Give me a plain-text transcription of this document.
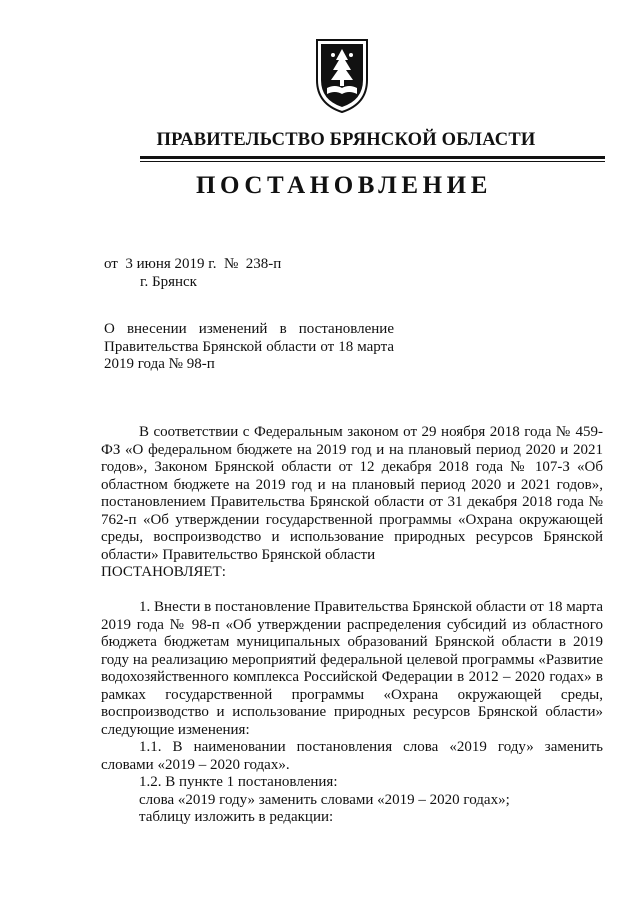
ПРАВИТЕЛЬСТВО БРЯНСКОЙ ОБЛАСТИ
ПОСТАНОВЛЕНИЕ
от  3 июня 2019 г.  №  238-п
г. Брянск
О внесении изменений в постановление Правительства Брянской области от 18 марта 2019 года № 98-п

В соответствии с Федеральным законом от 29 ноября 2018 года № 459-ФЗ «О федеральном бюджете на 2019 год и на плановый период 2020 и 2021 годов», Законом Брянской области от 12 декабря 2018 года № 107-З «Об областном бюджете на 2019 год и на плановый период 2020 и 2021 годов», постановлением Правительства Брянской области от 31 декабря 2018 года № 762-п «Об утверждении государственной программы «Охрана окружающей среды, воспроизводство и использование природных ресурсов Брянской области» Правительство Брянской области

ПОСТАНОВЛЯЕТ:

1. Внести в постановление Правительства Брянской области от 18 марта 2019 года № 98-п «Об утверждении распределения субсидий из областного бюджета бюджетам муниципальных образований Брянской области в 2019 году на реализацию мероприятий федеральной целевой программы «Развитие водохозяйственного комплекса Российской Федерации в 2012 – 2020 годах» в рамках государственной программы «Охрана окружающей среды, воспроизводство и использование природных ресурсов Брянской области» следующие изменения:

1.1. В наименовании постановления слова «2019 году» заменить словами «2019 – 2020 годах».

1.2. В пункте 1 постановления:

слова «2019 году» заменить словами «2019 – 2020 годах»;

таблицу изложить в редакции:
